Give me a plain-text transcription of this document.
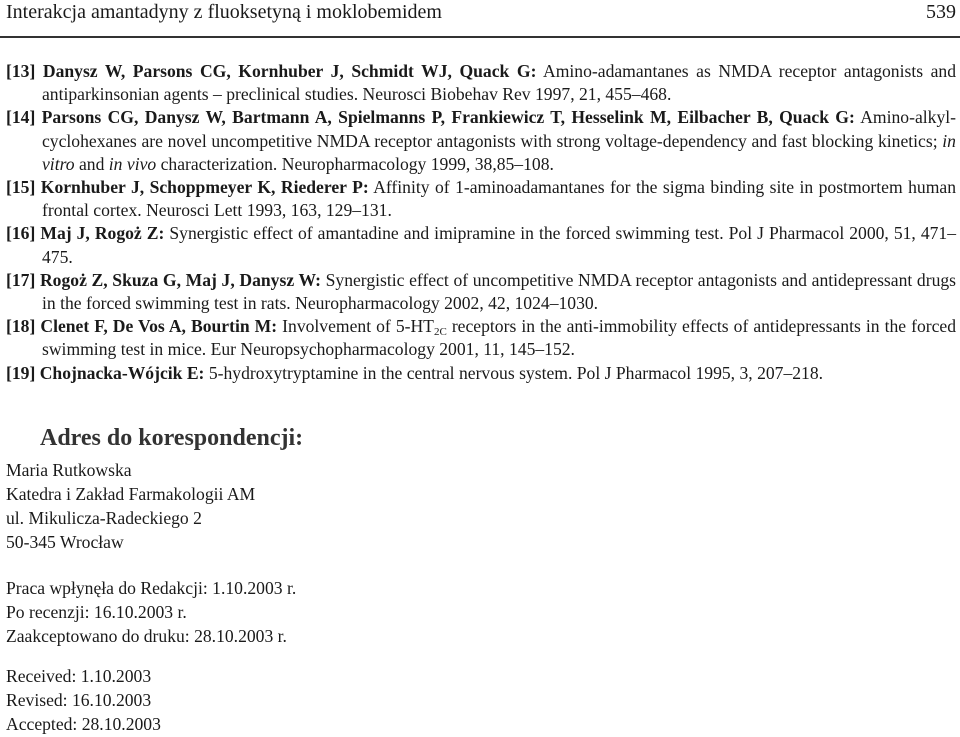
Interakcja amantadyny z fluoksetyną i moklobemidem	539

[13] Danysz W, Parsons CG, Kornhuber J, Schmidt WJ, Quack G: Amino-adamantanes as NMDA receptor antagonists and antiparkinsonian agents – preclinical studies. Neurosci Biobehav Rev 1997, 21, 455–468.

[14] Parsons CG, Danysz W, Bartmann A, Spielmanns P, Frankiewicz T, Hesselink M, Eilbacher B, Quack G: Amino-alkyl-cyclohexanes are novel uncompetitive NMDA receptor antagonists with strong voltage-dependency and fast blocking kinetics; in vitro and in vivo characterization. Neuropharmacology 1999, 38,85–108.

[15] Kornhuber J, Schoppmeyer K, Riederer P: Affinity of 1-aminoadamantanes for the sigma binding site in postmortem human frontal cortex. Neurosci Lett 1993, 163, 129–131.

[16] Maj J, Rogoż Z: Synergistic effect of amantadine and imipramine in the forced swimming test. Pol J Pharmacol 2000, 51, 471–475.

[17] Rogoż Z, Skuza G, Maj J, Danysz W: Synergistic effect of uncompetitive NMDA receptor antagonists and antidepressant drugs in the forced swimming test in rats. Neuropharmacology 2002, 42, 1024–1030.

[18] Clenet F, De Vos A, Bourtin M: Involvement of $5-HT_{2C}$ receptors in the anti-immobility effects of antidepressants in the forced swimming test in mice. Eur Neuropsychopharmacology 2001, 11, 145–152.

[19] Chojnacka-Wójcik E: 5-hydroxytryptamine in the central nervous system. Pol J Pharmacol 1995, 3, 207–218.

Adres do korespondencji:
Maria Rutkowska
Katedra i Zakład Farmakologii AM
ul. Mikulicza-Radeckiego 2
50-345 Wrocław
Praca wpłynęła do Redakcji: 1.10.2003 r.
Po recenzji: 16.10.2003 r.
Zaakceptowano do druku: 28.10.2003 r.
Received: 1.10.2003
Revised: 16.10.2003
Accepted: 28.10.2003
